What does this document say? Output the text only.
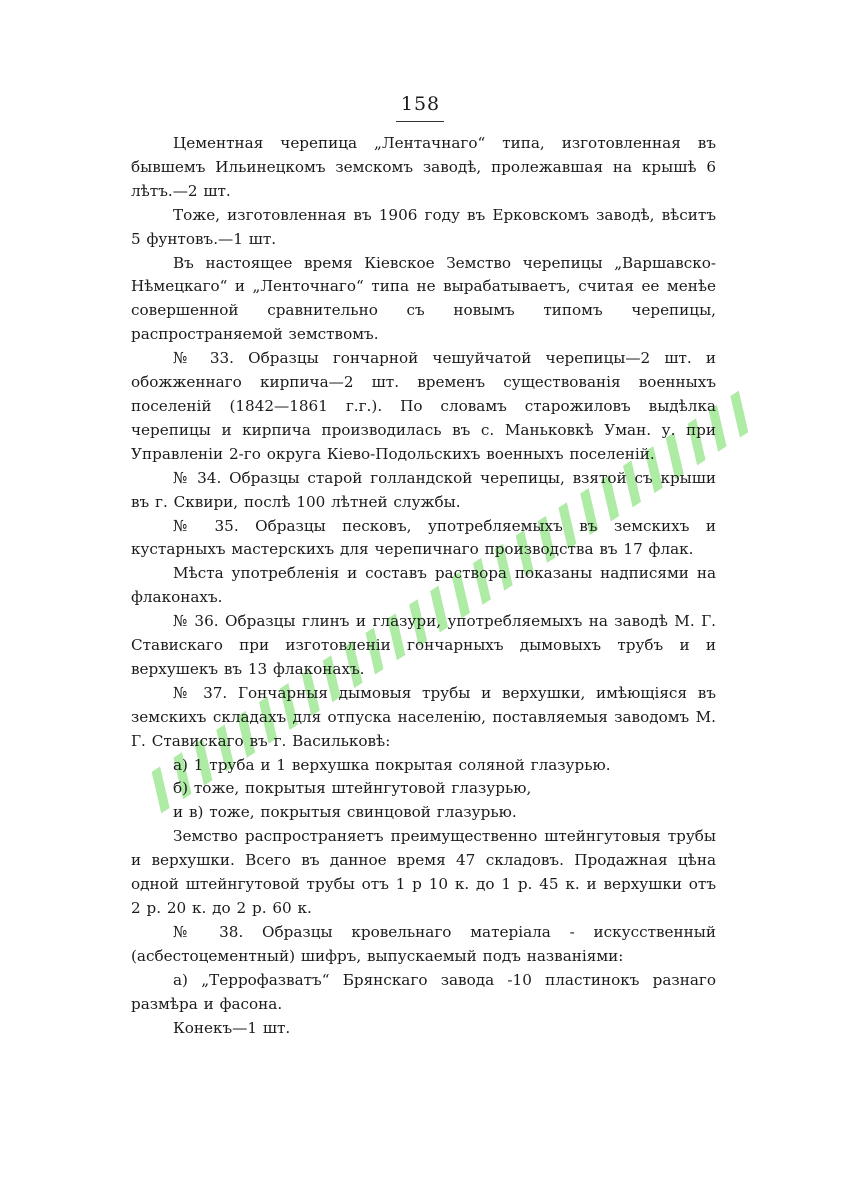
158

Цементная черепица „Лентачнаго“ типа, изготовленная въ бывшемъ Ильинецкомъ земскомъ заводѣ, пролежавшая на крышѣ 6 лѣтъ.—2 шт.

Тоже, изготовленная въ 1906 году въ Ерковскомъ заводѣ, вѣситъ 5 фунтовъ.—1 шт.

Въ настоящее время Кіевское Земство черепицы „Варшавско-Нѣмецкаго“ и „Ленточнаго“ типа не вырабатываетъ, считая ее менѣе совершенной сравнительно съ новымъ типомъ черепицы, распространяемой земствомъ.

№ 33. Образцы гончарной чешуйчатой черепицы—2 шт. и обожженнаго кирпича—2 шт. временъ существованія военныхъ поселеній (1842—1861 г.г.). По словамъ старожиловъ выдѣлка черепицы и кирпича производилась въ с. Маньковкѣ Уман. у. при Управленіи 2-го округа Кіево-Подольскихъ военныхъ поселеній.

№ 34. Образцы старой голландской черепицы, взятой съ крыши въ г. Сквири, послѣ 100 лѣтней службы.

№ 35. Образцы песковъ, употребляемыхъ въ земскихъ и кустарныхъ мастерскихъ для черепичнаго производства въ 17 флак.

Мѣста употребленія и составъ раствора показаны надписями на флаконахъ.

№ 36. Образцы глинъ и глазури, употребляемыхъ на заводѣ М. Г. Ставискаго при изготовленіи гончарныхъ дымовыхъ трубъ и и верхушекъ въ 13 флаконахъ.

№ 37. Гончарныя дымовыя трубы и верхушки, имѣющіяся въ земскихъ складахъ для отпуска населенію, поставляемыя заводомъ М. Г. Ставискаго въ г. Васильковѣ:

а) 1 труба и 1 верхушка покрытая соляной глазурью.

б) тоже, покрытыя штейнгутовой глазурью,

и в) тоже, покрытыя свинцовой глазурью.

Земство распространяетъ преимущественно штейнгутовыя трубы и верхушки. Всего въ данное время 47 складовъ. Продажная цѣна одной штейнгутовой трубы отъ 1 р 10 к. до 1 р. 45 к. и верхушки отъ 2 р. 20 к. до 2 р. 60 к.

№ 38. Образцы кровельнаго матеріала - искусственный (асбестоцементный) шифръ, выпускаемый подъ названіями:

а) „Террофазватъ“ Брянскаго завода -10 пластинокъ разнаго размѣра и фасона.

Конекъ—1 шт.
